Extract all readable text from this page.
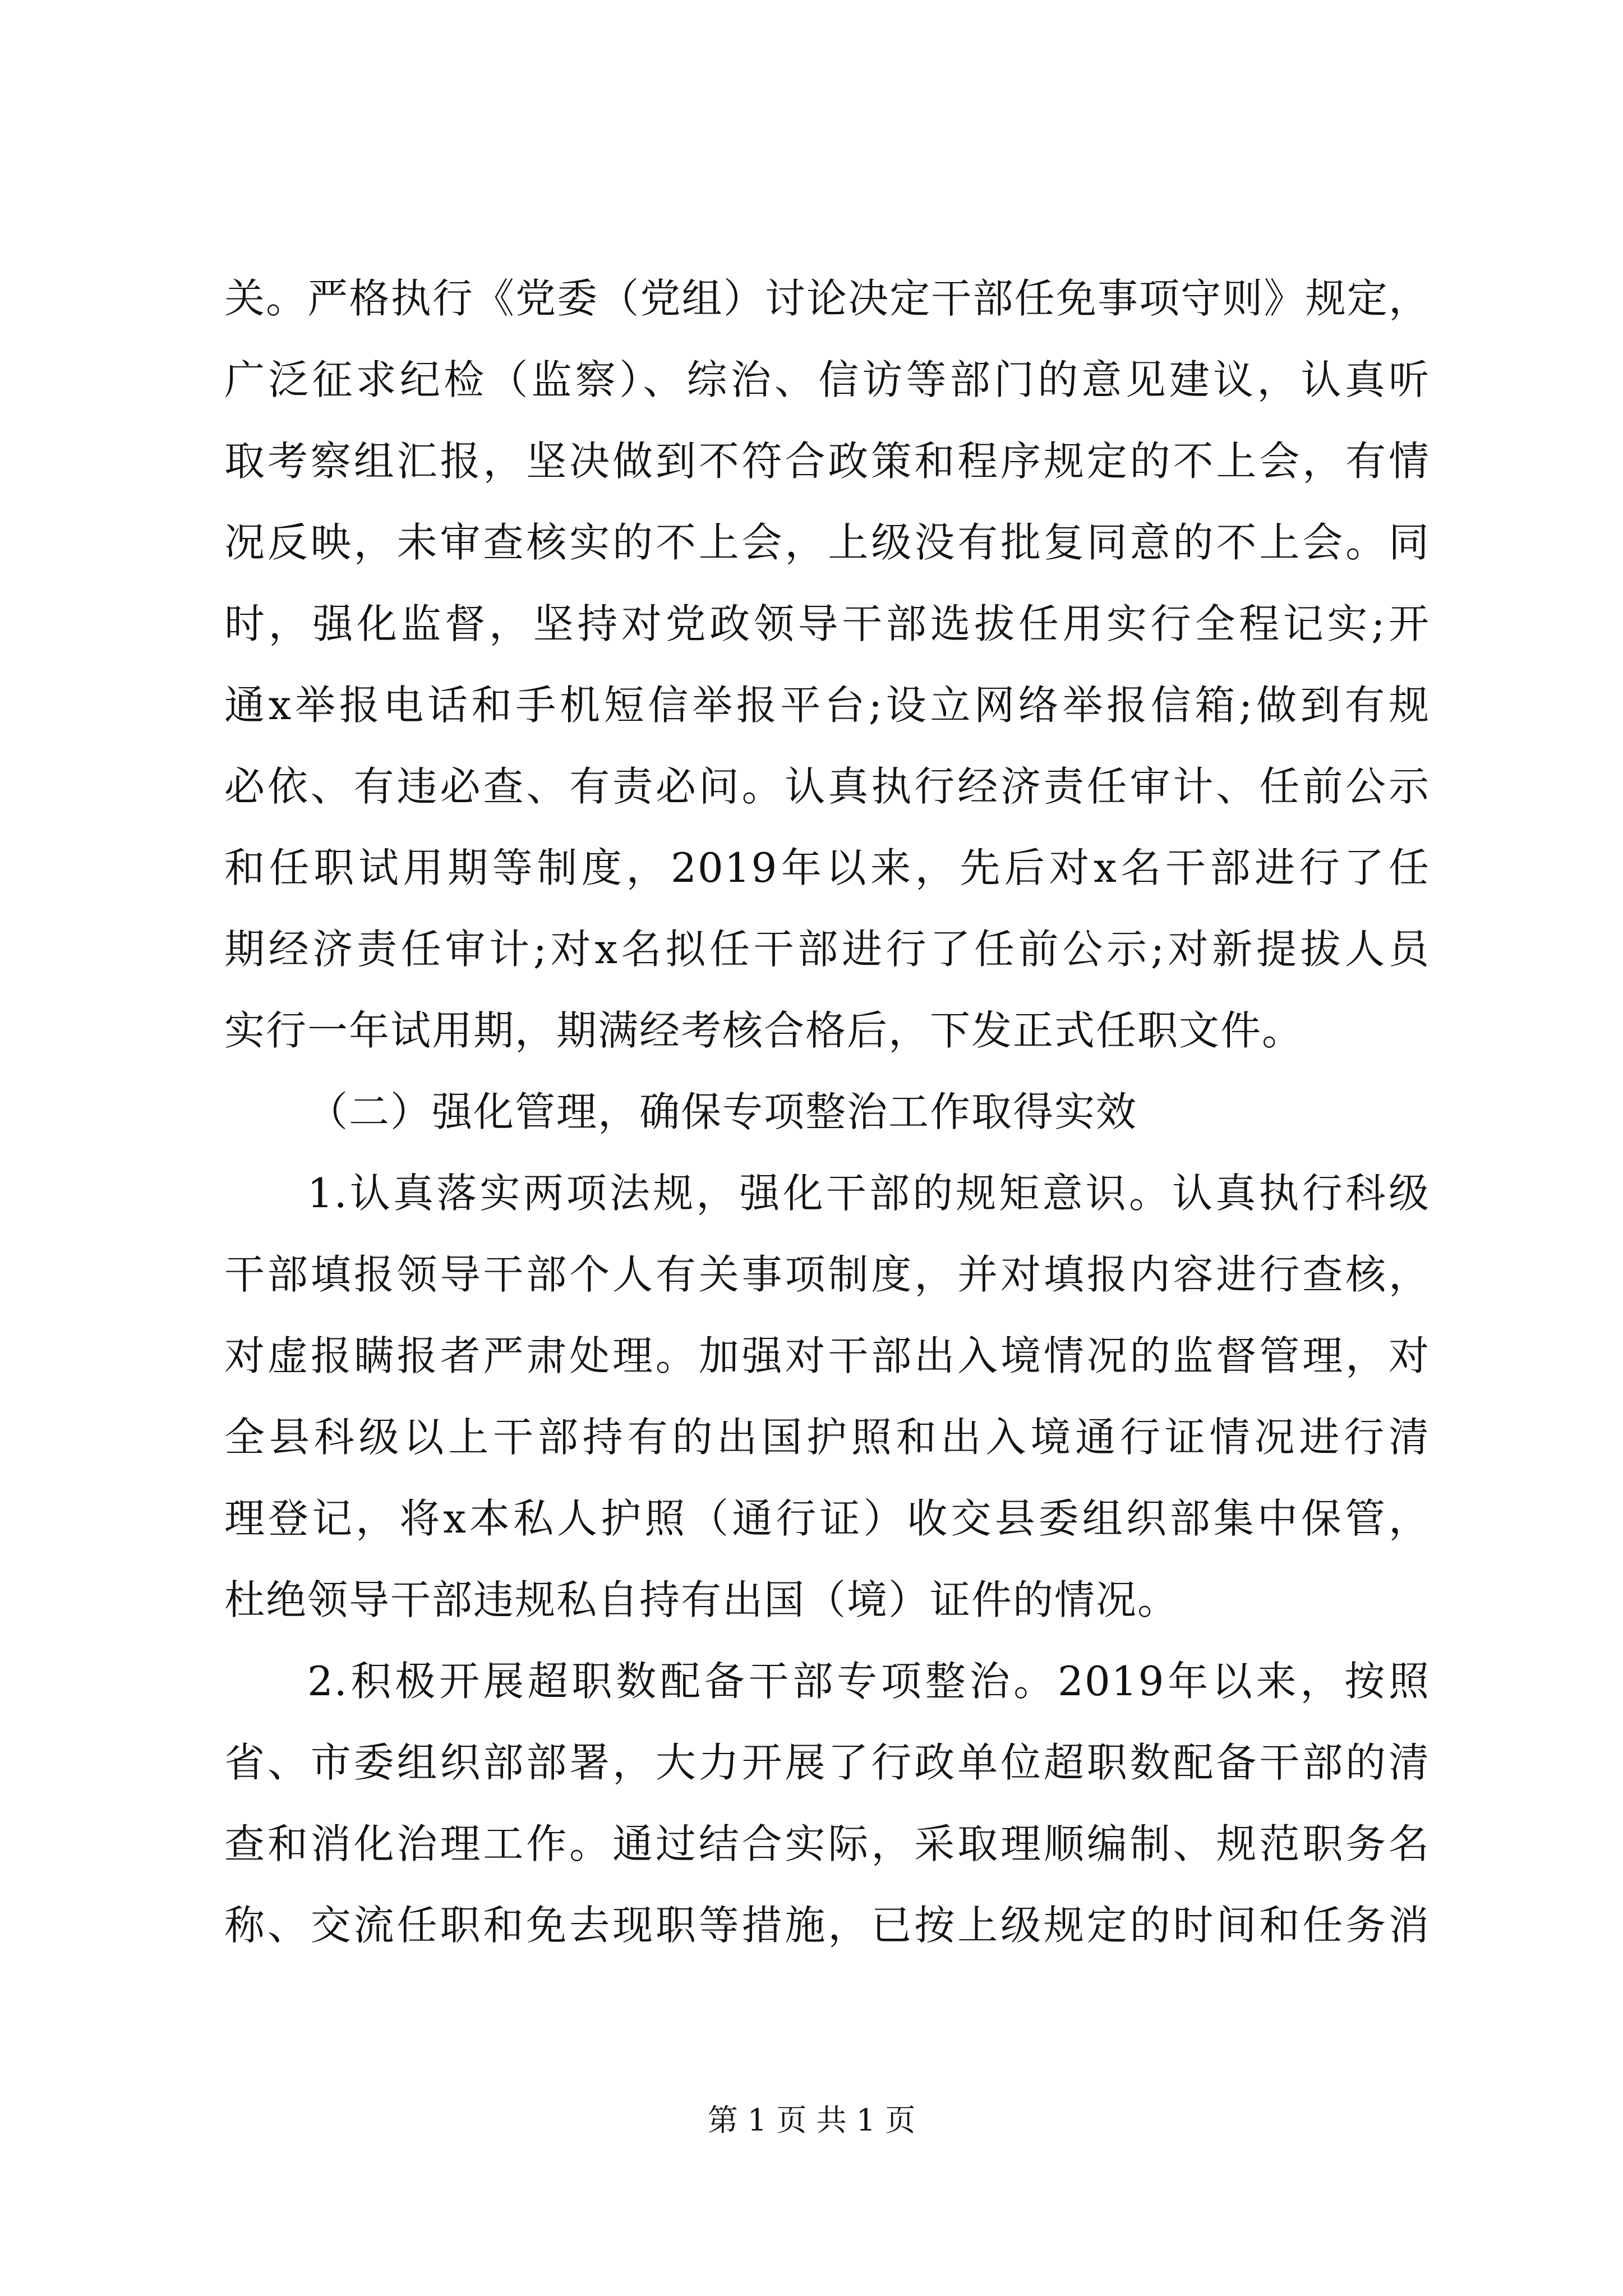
关。严格执行《党委（党组）讨论决定干部任免事项守则》规定，
广泛征求纪检（监察）、综治、信访等部门的意见建议，认真听
取考察组汇报，坚决做到不符合政策和程序规定的不上会，有情
况反映，未审查核实的不上会，上级没有批复同意的不上会。同
时，强化监督，坚持对党政领导干部选拔任用实行全程记实;开
通x举报电话和手机短信举报平台;设立网络举报信箱;做到有规
必依、有违必查、有责必问。认真执行经济责任审计、任前公示
和任职试用期等制度，2019年以来，先后对x名干部进行了任
期经济责任审计;对x名拟任干部进行了任前公示;对新提拔人员
实行一年试用期，期满经考核合格后，下发正式任职文件。
（二）强化管理，确保专项整治工作取得实效
1.认真落实两项法规，强化干部的规矩意识。认真执行科级
干部填报领导干部个人有关事项制度，并对填报内容进行查核，
对虚报瞒报者严肃处理。加强对干部出入境情况的监督管理，对
全县科级以上干部持有的出国护照和出入境通行证情况进行清
理登记，将x本私人护照（通行证）收交县委组织部集中保管，
杜绝领导干部违规私自持有出国（境）证件的情况。
2.积极开展超职数配备干部专项整治。2019年以来，按照
省、市委组织部部署，大力开展了行政单位超职数配备干部的清
查和消化治理工作。通过结合实际，采取理顺编制、规范职务名
称、交流任职和免去现职等措施，已按上级规定的时间和任务消
第 1 页 共 1 页
